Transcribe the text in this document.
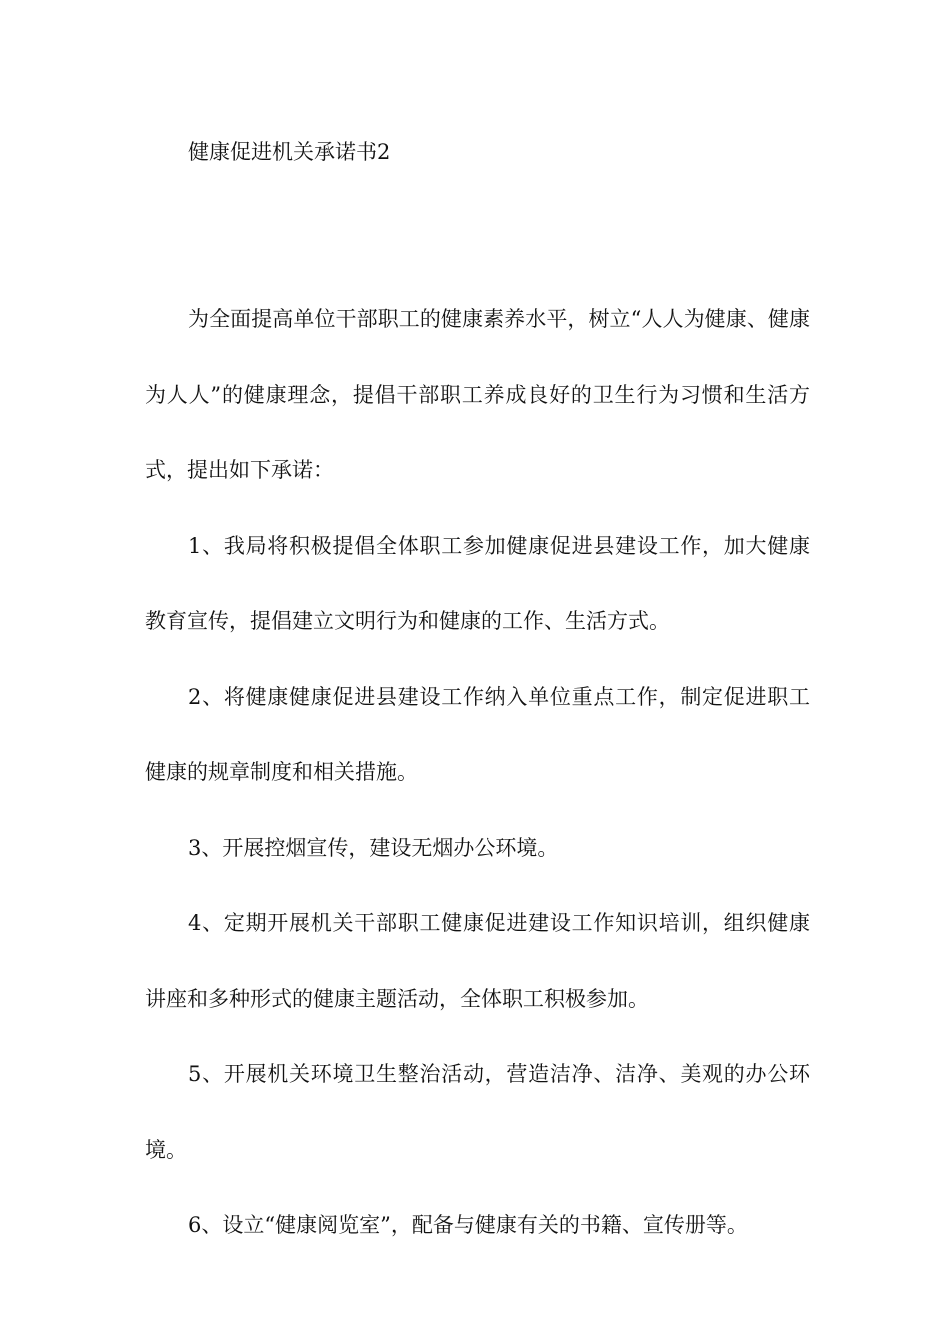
健康促进机关承诺书2

为全面提高单位干部职工的健康素养水平，树立“人人为健康、健康为人人”的健康理念，提倡干部职工养成良好的卫生行为习惯和生活方式，提出如下承诺：

1、我局将积极提倡全体职工参加健康促进县建设工作，加大健康教育宣传，提倡建立文明行为和健康的工作、生活方式。

2、将健康健康促进县建设工作纳入单位重点工作，制定促进职工健康的规章制度和相关措施。

3、开展控烟宣传，建设无烟办公环境。

4、定期开展机关干部职工健康促进建设工作知识培训，组织健康讲座和多种形式的健康主题活动，全体职工积极参加。

5、开展机关环境卫生整治活动，营造洁净、洁净、美观的办公环境。

6、设立“健康阅览室”，配备与健康有关的书籍、宣传册等。
